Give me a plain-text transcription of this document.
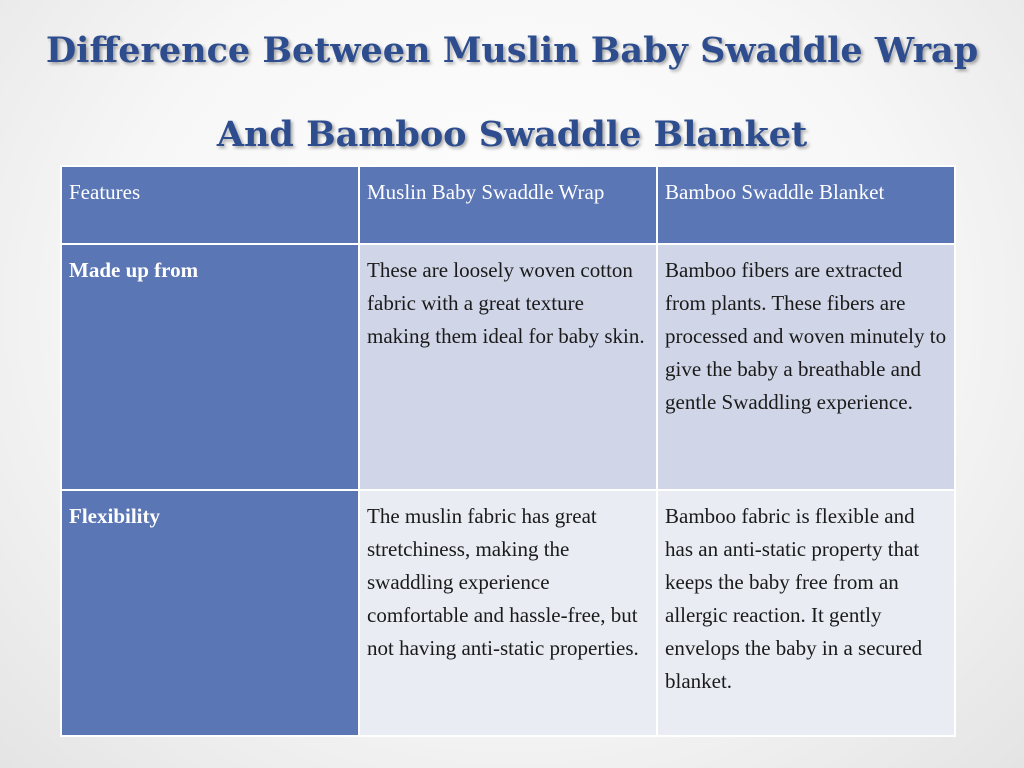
Difference Between Muslin Baby Swaddle Wrap
And Bamboo Swaddle Blanket
Features	Muslin Baby Swaddle Wrap	Bamboo Swaddle Blanket
Made up from	These are loosely woven cotton fabric with a great texture making them ideal for baby skin.	Bamboo fibers are extracted from plants. These fibers are processed and woven minutely to give the baby a breathable and gentle Swaddling experience.
Flexibility	The muslin fabric has great stretchiness, making the swaddling experience comfortable and hassle-free, but not having anti-static properties.	Bamboo fabric is flexible and has an anti-static property that keeps the baby free from an allergic reaction. It gently envelops the baby in a secured blanket.
